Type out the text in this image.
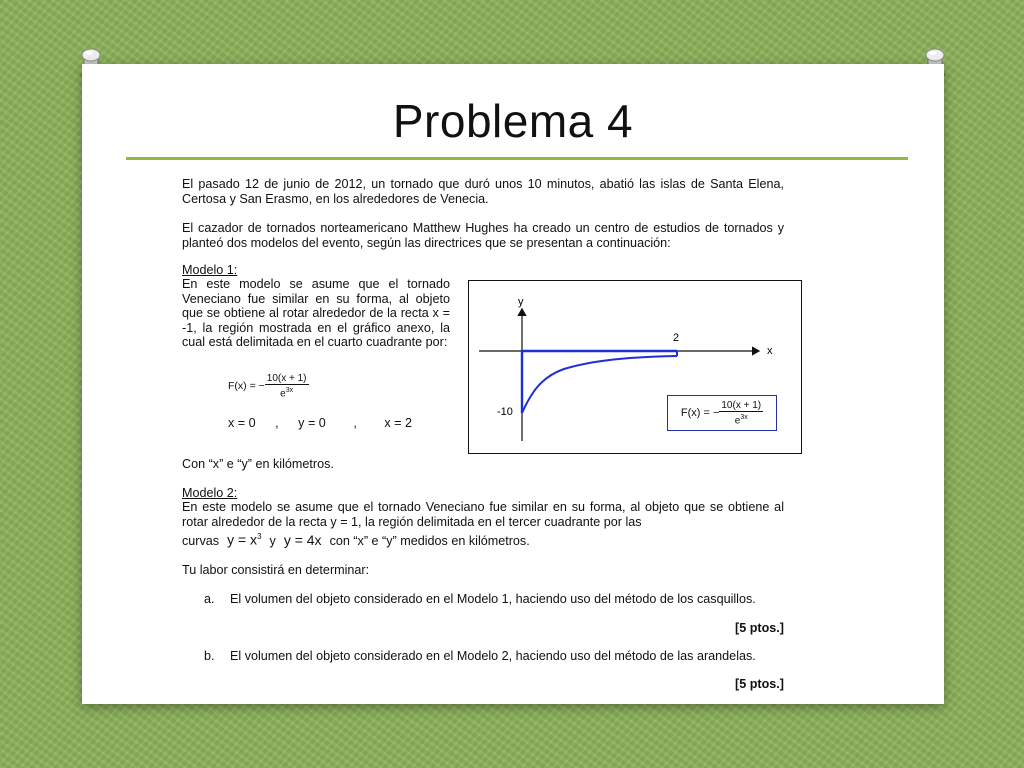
Problema 4

El pasado 12 de junio de 2012, un tornado que duró unos 10 minutos, abatió las islas de Santa Elena, Certosa y San Erasmo, en los alrededores de Venecia.

El cazador de tornados norteamericano Matthew Hughes ha creado un centro de estudios de tornados y planteó dos modelos del evento, según las directrices que se presentan a continuación:

Modelo 1:

En este modelo se asume que el tornado Veneciano fue similar en su forma, al objeto que se obtiene al rotar alrededor de la recta x = -1, la región mostrada en el gráfico anexo, la cual está delimitada en el cuarto cuadrante por:

F(x) = − $\frac{10(x + 1)}{e^{3x}}$
x = 0 , y = 0 , x = 2
Con “x” e “y” en kilómetros.
y
x
2
-10	F(x) = − $\frac{10(x + 1)}{e^{3x}}$
Modelo 2:

En este modelo se asume que el tornado Veneciano fue similar en su forma, al objeto que se obtiene al rotar alrededor de la recta y = 1, la región delimitada en el tercer cuadrante por las

curvas $y = x^3$ y y = 4x con “x” e “y” medidos en kilómetros.
Tu labor consistirá en determinar:
a. El volumen del objeto considerado en el Modelo 1, haciendo uso del método de los casquillos.

[5 ptos.]
b. El volumen del objeto considerado en el Modelo 2, haciendo uso del método de las arandelas.

[5 ptos.]
